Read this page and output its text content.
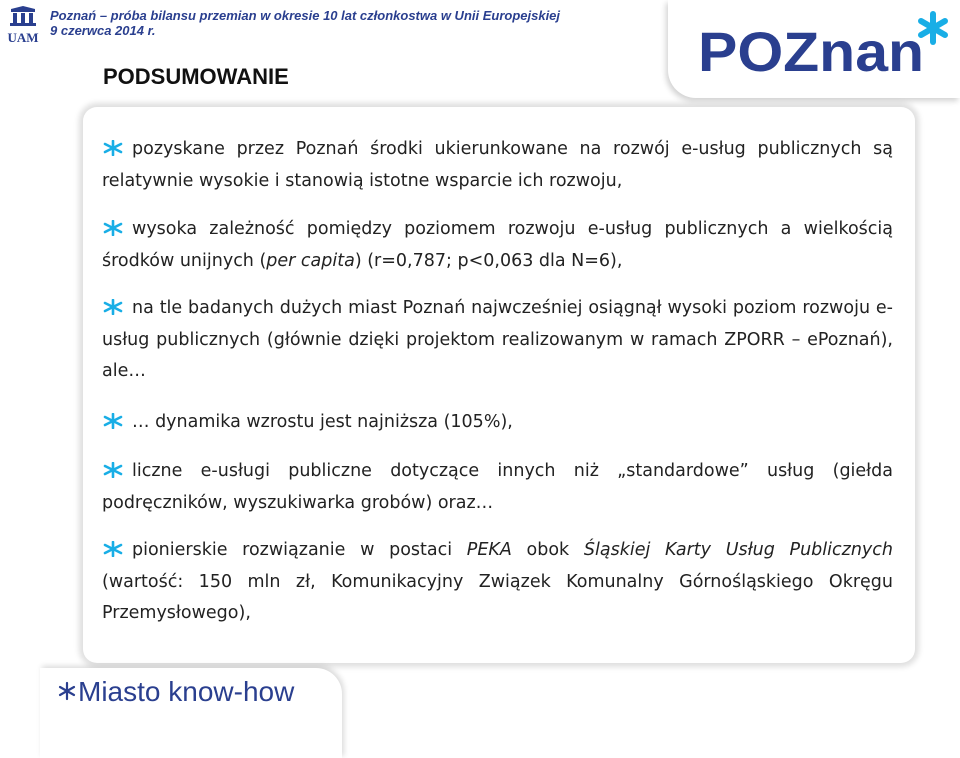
UAM
Poznań – próba bilansu przemian w okresie 10 lat członkostwa w Unii Europejskiej
9 czerwca 2014 r.	POZnan
PODSUMOWANIE

pozyskane przez Poznań środki ukierunkowane na rozwój e-usług publicznych są relatywnie wysokie i stanowią istotne wsparcie ich rozwoju,

wysoka zależność pomiędzy poziomem rozwoju e-usług publicznych a wielkością środków unijnych (per capita) (r=0,787; p<0,063 dla N=6),

na tle badanych dużych miast Poznań najwcześniej osiągnął wysoki poziom rozwoju e-usług publicznych (głównie dzięki projektom realizowanym w ramach ZPORR – ePoznań), ale…

… dynamika wzrostu jest najniższa (105%),

liczne e-usługi publiczne dotyczące innych niż „standardowe” usług (giełda podręczników, wyszukiwarka grobów) oraz…

pionierskie rozwiązanie w postaci PEKA obok Śląskiej Karty Usług Publicznych (wartość: 150 mln zł, Komunikacyjny Związek Komunalny Górnośląskiego Okręgu Przemysłowego),

Miasto know-how
